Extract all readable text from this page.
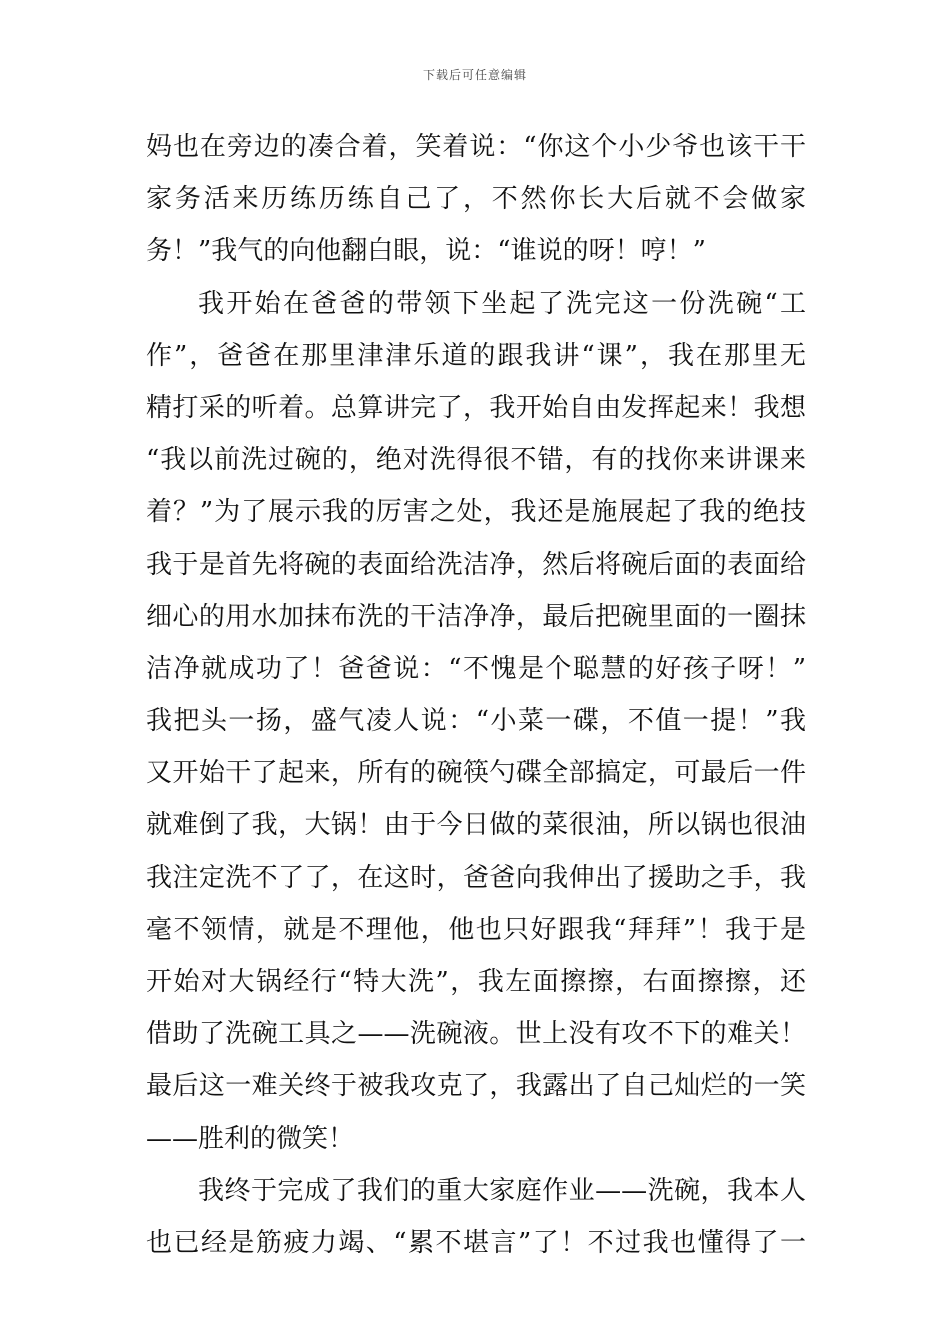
下载后可任意编辑
妈也在旁边的凑合着，笑着说：“你这个小少爷也该干干
家务活来历练历练自己了，不然你长大后就不会做家
务！”我气的向他翻白眼，说：“谁说的呀！哼！”
我开始在爸爸的带领下坐起了洗完这一份洗碗“工
作”，爸爸在那里津津乐道的跟我讲“课”，我在那里无
精打采的听着。总算讲完了，我开始自由发挥起来！我想
“我以前洗过碗的，绝对洗得很不错，有的找你来讲课来
着？”为了展示我的厉害之处，我还是施展起了我的绝技
我于是首先将碗的表面给洗洁净，然后将碗后面的表面给
细心的用水加抹布洗的干洁净净，最后把碗里面的一圈抹
洁净就成功了！爸爸说：“不愧是个聪慧的好孩子呀！”
我把头一扬，盛气凌人说：“小菜一碟，不值一提！”我
又开始干了起来，所有的碗筷勺碟全部搞定，可最后一件
就难倒了我，大锅！由于今日做的菜很油，所以锅也很油
我注定洗不了了，在这时，爸爸向我伸出了援助之手，我
毫不领情，就是不理他，他也只好跟我“拜拜”！我于是
开始对大锅经行“特大洗”，我左面擦擦，右面擦擦，还
借助了洗碗工具之——洗碗液。世上没有攻不下的难关！
最后这一难关终于被我攻克了，我露出了自己灿烂的一笑
——胜利的微笑！
我终于完成了我们的重大家庭作业——洗碗，我本人
也已经是筋疲力竭、“累不堪言”了！不过我也懂得了一
